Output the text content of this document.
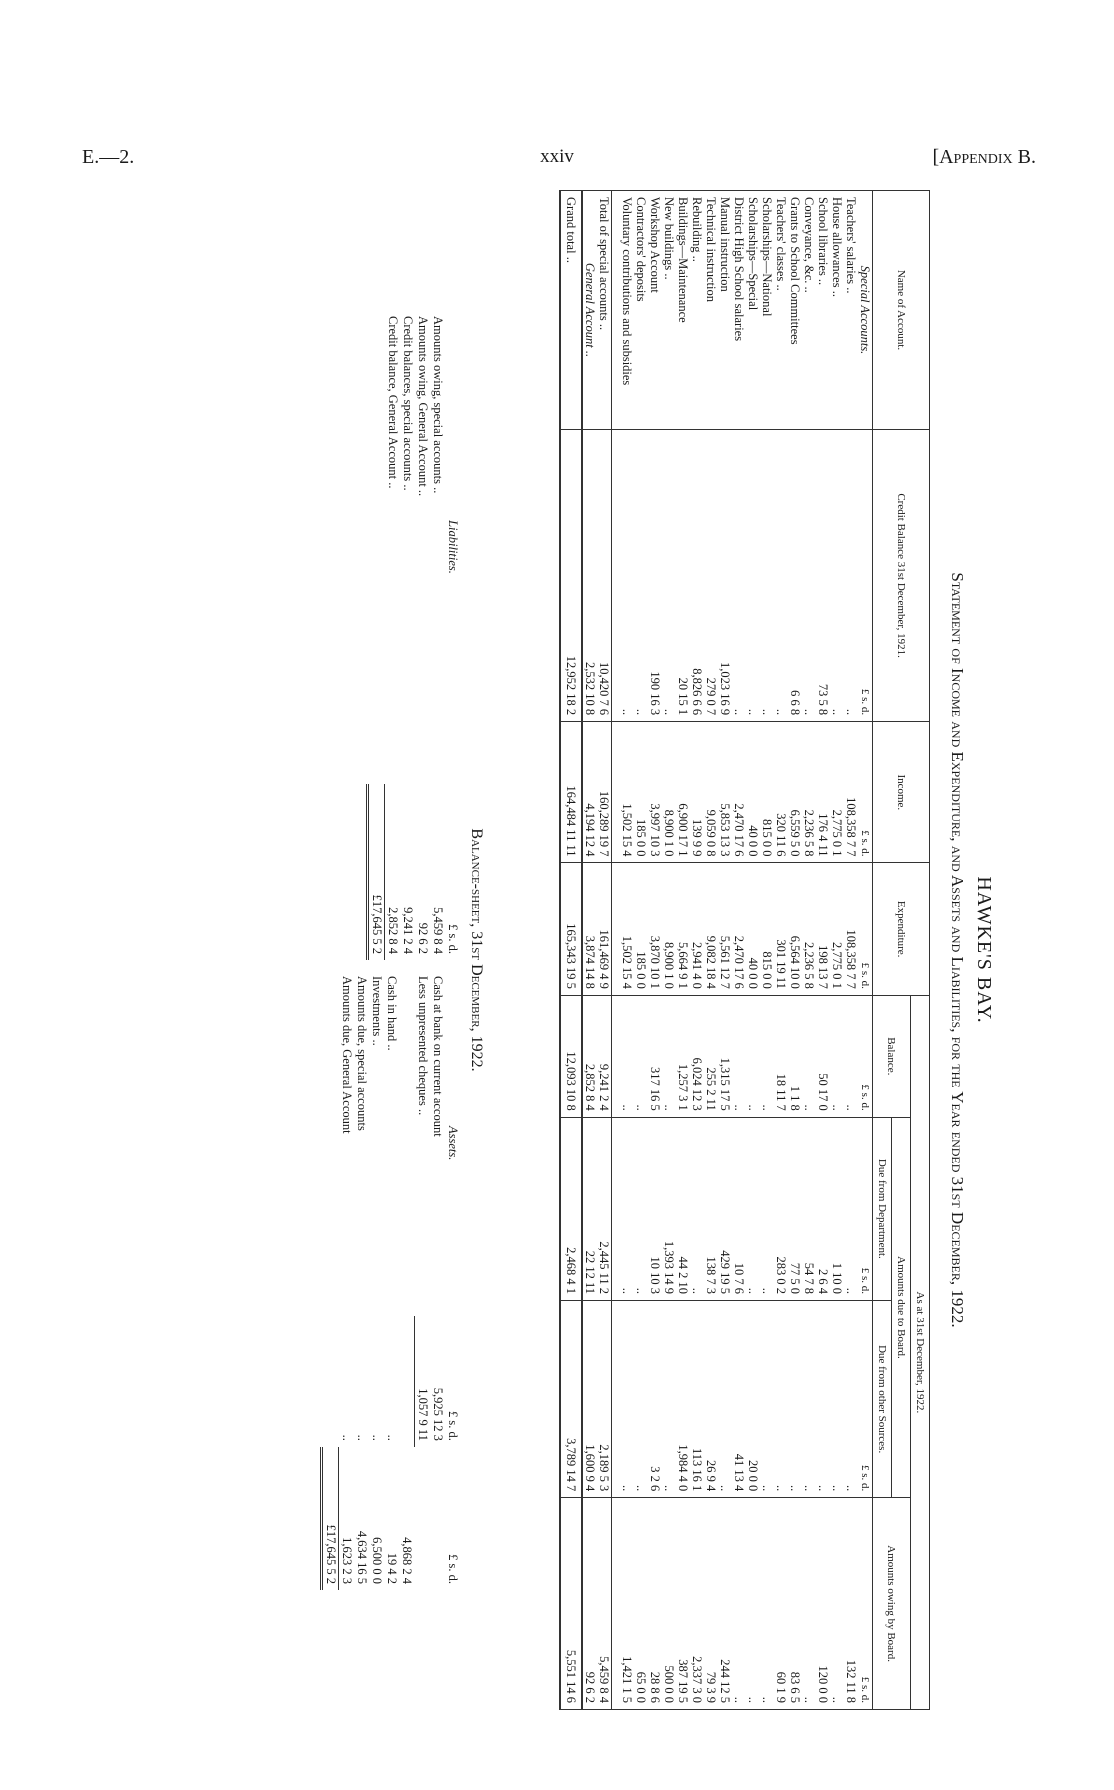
E.—2.	xxiv	[Appendix B.
HAWKE'S BAY.
Statement of Income and Expenditure, and Assets and Liabilities, for the Year ended 31st December, 1922.
Name of Account.	Credit Balance 31st December, 1921.	Income.	Expenditure.	As at 31st December, 1922.			
				Balance.	Amounts due to Board.		Amounts owing by Board.
					Due from Department.	Due from other Sources.	
Special Accounts.	£ s. d.	£ s. d.	£ s. d.	£ s. d.	£ s. d.	£ s. d.	£ s. d.
Teachers' salaries ..	..	108,358 7 7	108,358 7 7	..	..	..	132 11 8
House allowances ..	..	2,775 0 1	2,775 0 1	..	1 10 0	..	..
School libraries ..	73 5 8	176 4 11	198 13 7	50 17 0	2 6 4	..	120 0 0
Conveyance, &c. ..	..	2,236 5 8	2,236 5 8	..	54 7 8	..	..
Grants to School Committees	6 6 8	6,559 5 0	6,564 10 0	1 1 8	77 5 0	..	83 6 5
Teachers' classes ..	..	320 11 6	301 19 11	18 11 7	283 0 2	..	60 1 9
Scholarships—National	..	815 0 0	815 0 0	..	..	..	..
Scholarships—Special	..	40 0 0	40 0 0	..	..	20 0 0	..
District High School salaries	..	2,470 17 6	2,470 17 6	..	10 7 6	41 13 4	..
Manual instruction	1,023 16 9	5,853 13 3	5,561 12 7	1,315 17 5	429 19 5	..	244 12 5
Technical instruction	279 0 7	9,059 0 8	9,082 18 4	255 2 11	138 7 3	26 9 4	79 3 9
Rebuilding ..	8,826 6 6	139 9 9	2,941 4 0	6,024 12 3	..	113 16 1	2,337 3 0
Buildings—Maintenance	20 15 1	6,900 17 1	5,664 9 1	1,257 3 1	44 2 10	1,984 4 0	387 19 5
New buildings ..	..	8,900 1 0	8,900 1 0	..	1,393 14 9	..	500 0 0
Workshop Account	190 16 3	3,997 10 3	3,870 10 1	317 16 5	10 10 3	3 2 6	28 8 6
Contractors' deposits	..	185 0 0	185 0 0	..	..	..	65 0 0
Voluntary contributions and subsidies	..	1,502 15 4	1,502 15 4	..	..	..	1,421 1 5

Total of special accounts ..	10,420 7 6	160,289 19 7	161,469 4 9	9,241 2 4	2,445 11 2	2,189 5 3	5,459 8 4
General Account ..	2,532 10 8	4,194 12 4	3,874 14 8	2,852 8 4	22 12 11	1,600 9 4	92 6 2
Grand total ..	12,952 18 2	164,484 11 11	165,343 19 5	12,093 10 8	2,468 4 1	3,789 14 7	5,551 14 6
Balance-sheet, 31st December, 1922.
Liabilities.	£ s. d.
Amounts owing, special accounts ..	5,459 8 4
Amounts owing, General Account ..	92 6 2
Credit balances, special accounts ..	9,241 2 4
Credit balance, General Account ..	2,852 8 4
	£17,645 5 2
Assets.	£ s. d.	£ s. d.
Cash at bank on current account	5,925 12 3	
Less unpresented cheques ..	1,057 9 11	
		4,868 2 4
Cash in hand ..	..	19 4 2
Investments ..	..	6,500 0 0
Amounts due, special accounts	..	4,634 16 5
Amounts due, General Account	..	1,623 2 3
		£17,645 5 2
